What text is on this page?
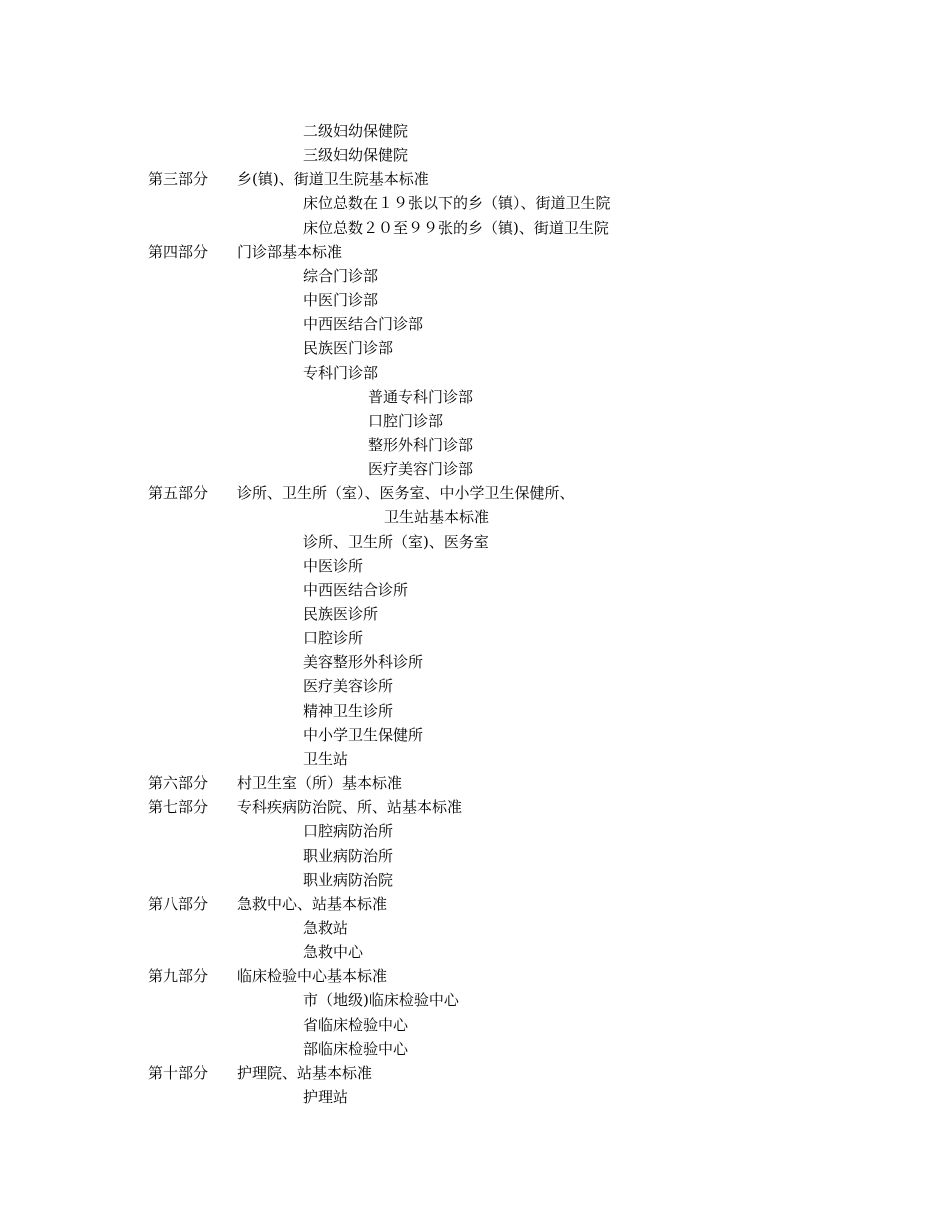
二级妇幼保健院
三级妇幼保健院
第三部分 乡(镇)、街道卫生院基本标准
床位总数在１９张以下的乡（镇）、街道卫生院
床位总数２０至９９张的乡（镇)、街道卫生院
第四部分 门诊部基本标准
综合门诊部
中医门诊部
中西医结合门诊部
民族医门诊部
专科门诊部
普通专科门诊部
口腔门诊部
整形外科门诊部
医疗美容门诊部
第五部分 诊所、卫生所（室）、医务室、中小学卫生保健所、
卫生站基本标准
诊所、卫生所（室)、医务室
中医诊所
中西医结合诊所
民族医诊所
口腔诊所
美容整形外科诊所
医疗美容诊所
精神卫生诊所
中小学卫生保健所
卫生站
第六部分 村卫生室（所）基本标准
第七部分 专科疾病防治院、所、站基本标准
口腔病防治所
职业病防治所
职业病防治院
第八部分 急救中心、站基本标准
急救站
急救中心
第九部分 临床检验中心基本标准
市（地级)临床检验中心
省临床检验中心
部临床检验中心
第十部分 护理院、站基本标准
护理站
